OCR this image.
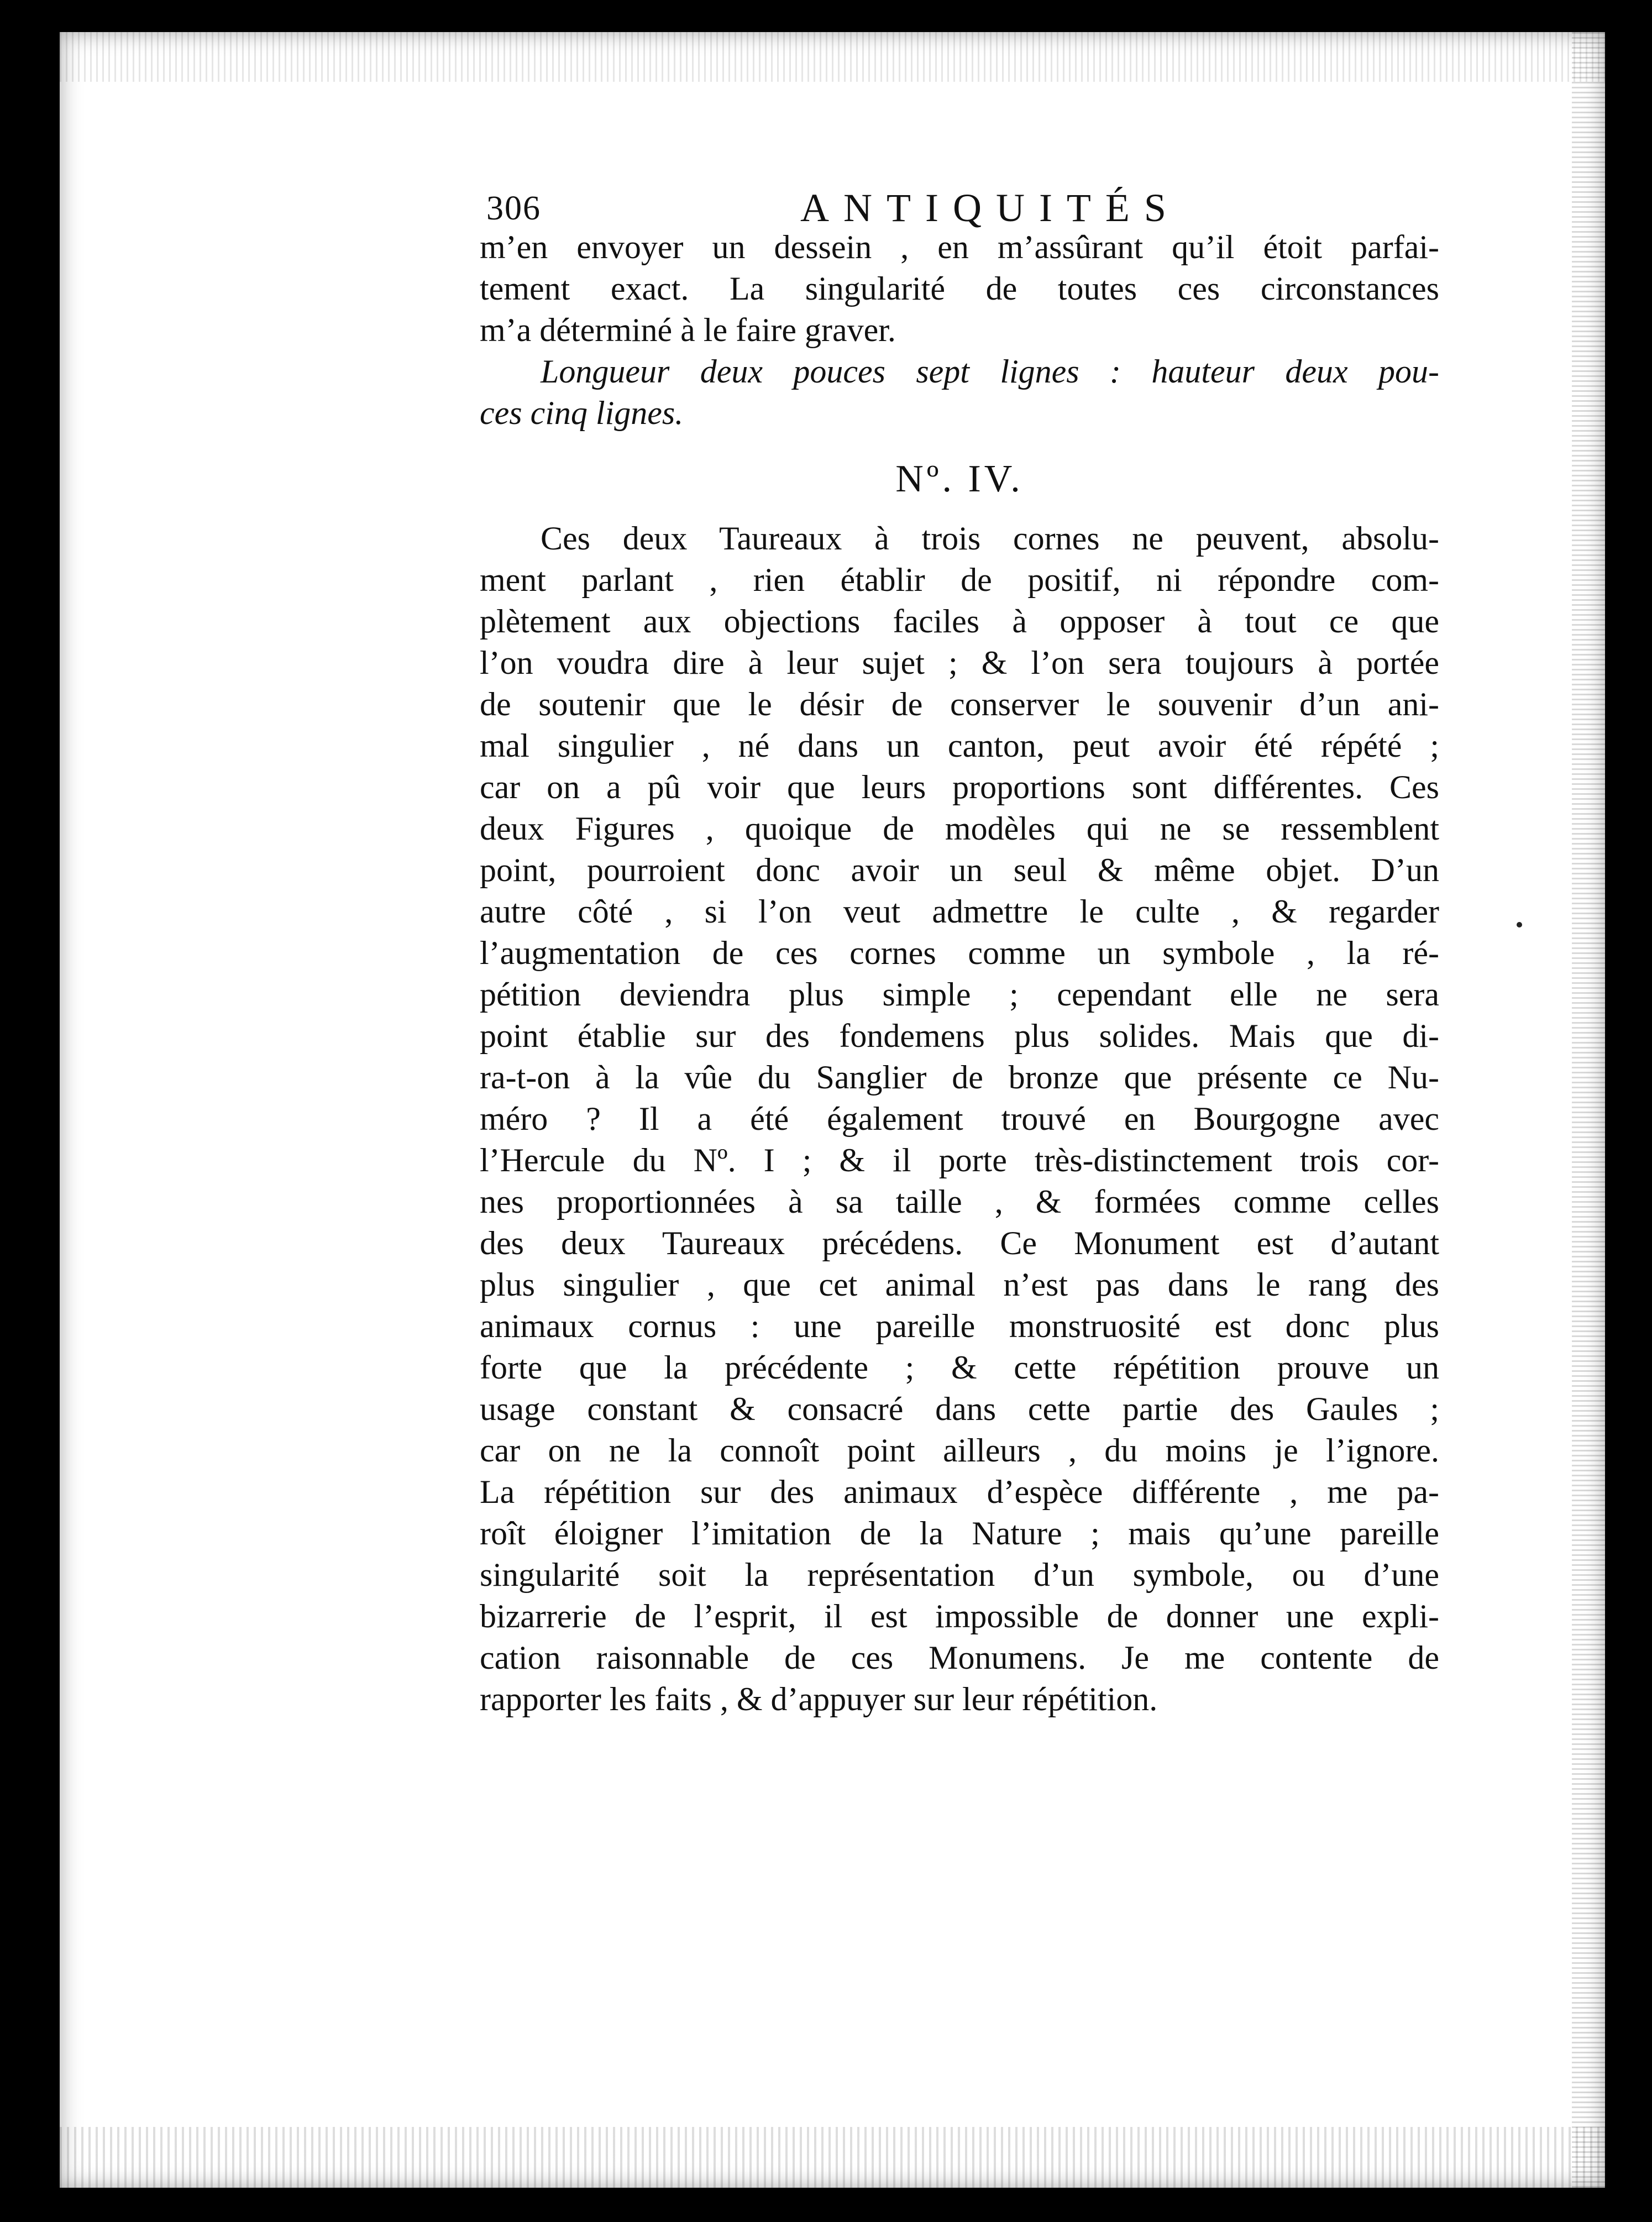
306	ANTIQUITÉS
m’en envoyer un dessein , en m’assûrant qu’il étoit parfai-
tement exact. La singularité de toutes ces circonstances
m’a déterminé à le faire graver.
Longueur deux pouces sept lignes : hauteur deux pou-
ces cinq lignes.
Nº. IV.
Ces deux Taureaux à trois cornes ne peuvent, absolu-
ment parlant , rien établir de positif, ni répondre com-
plètement aux objections faciles à opposer à tout ce que
l’on voudra dire à leur sujet ; & l’on sera toujours à portée
de soutenir que le désir de conserver le souvenir d’un ani-
mal singulier , né dans un canton, peut avoir été répété ;
car on a pû voir que leurs proportions sont différentes. Ces
deux Figures , quoique de modèles qui ne se ressemblent
point, pourroient donc avoir un seul & même objet. D’un
autre côté , si l’on veut admettre le culte , & regarder
l’augmentation de ces cornes comme un symbole , la ré-
pétition deviendra plus simple ; cependant elle ne sera
point établie sur des fondemens plus solides. Mais que di-
ra-t-on à la vûe du Sanglier de bronze que présente ce Nu-
méro ? Il a été également trouvé en Bourgogne avec
l’Hercule du Nº. I ; & il porte très-distinctement trois cor-
nes proportionnées à sa taille , & formées comme celles
des deux Taureaux précédens. Ce Monument est d’autant
plus singulier , que cet animal n’est pas dans le rang des
animaux cornus : une pareille monstruosité est donc plus
forte que la précédente ; & cette répétition prouve un
usage constant & consacré dans cette partie des Gaules ;
car on ne la connoît point ailleurs , du moins je l’ignore.
La répétition sur des animaux d’espèce différente , me pa-
roît éloigner l’imitation de la Nature ; mais qu’une pareille
singularité soit la représentation d’un symbole, ou d’une
bizarrerie de l’esprit, il est impossible de donner une expli-
cation raisonnable de ces Monumens. Je me contente de
rapporter les faits , & d’appuyer sur leur répétition.
